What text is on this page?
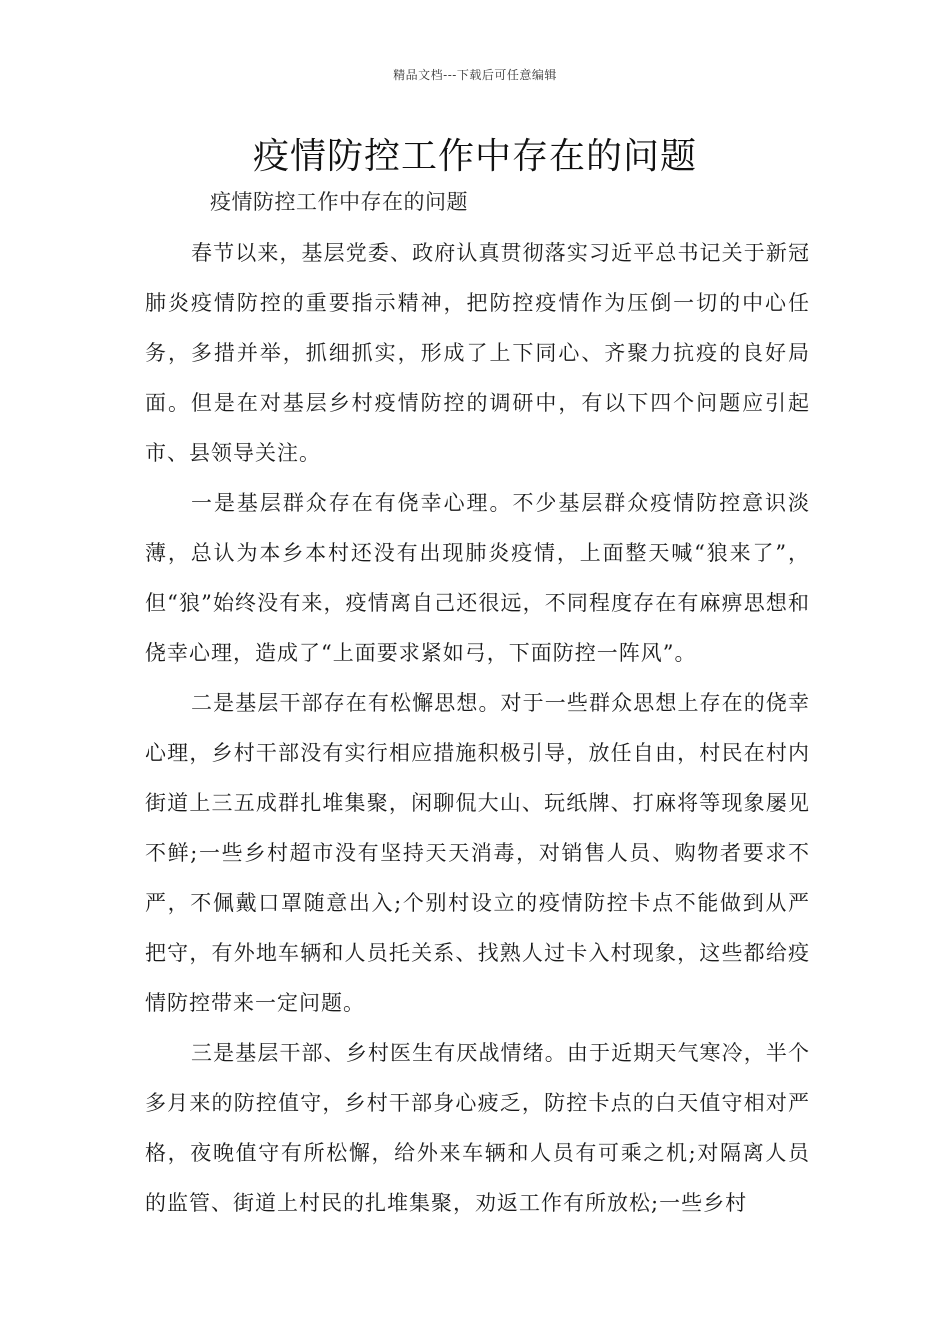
精品文档---下载后可任意编辑
疫情防控工作中存在的问题
疫情防控工作中存在的问题

春节以来，基层党委、政府认真贯彻落实习近平总书记关于新冠肺炎疫情防控的重要指示精神，把防控疫情作为压倒一切的中心任务，多措并举，抓细抓实，形成了上下同心、齐聚力抗疫的良好局面。但是在对基层乡村疫情防控的调研中，有以下四个问题应引起市、县领导关注。

一是基层群众存在有侥幸心理。不少基层群众疫情防控意识淡薄，总认为本乡本村还没有出现肺炎疫情，上面整天喊“狼来了”，但“狼”始终没有来，疫情离自己还很远，不同程度存在有麻痹思想和侥幸心理，造成了“上面要求紧如弓，下面防控一阵风”。

二是基层干部存在有松懈思想。对于一些群众思想上存在的侥幸心理，乡村干部没有实行相应措施积极引导，放任自由，村民在村内街道上三五成群扎堆集聚，闲聊侃大山、玩纸牌、打麻将等现象屡见不鲜;一些乡村超市没有坚持天天消毒，对销售人员、购物者要求不严，不佩戴口罩随意出入;个别村设立的疫情防控卡点不能做到从严把守，有外地车辆和人员托关系、找熟人过卡入村现象，这些都给疫情防控带来一定问题。

三是基层干部、乡村医生有厌战情绪。由于近期天气寒冷，半个多月来的防控值守，乡村干部身心疲乏，防控卡点的白天值守相对严格，夜晚值守有所松懈，给外来车辆和人员有可乘之机;对隔离人员的监管、街道上村民的扎堆集聚，劝返工作有所放松;一些乡村
